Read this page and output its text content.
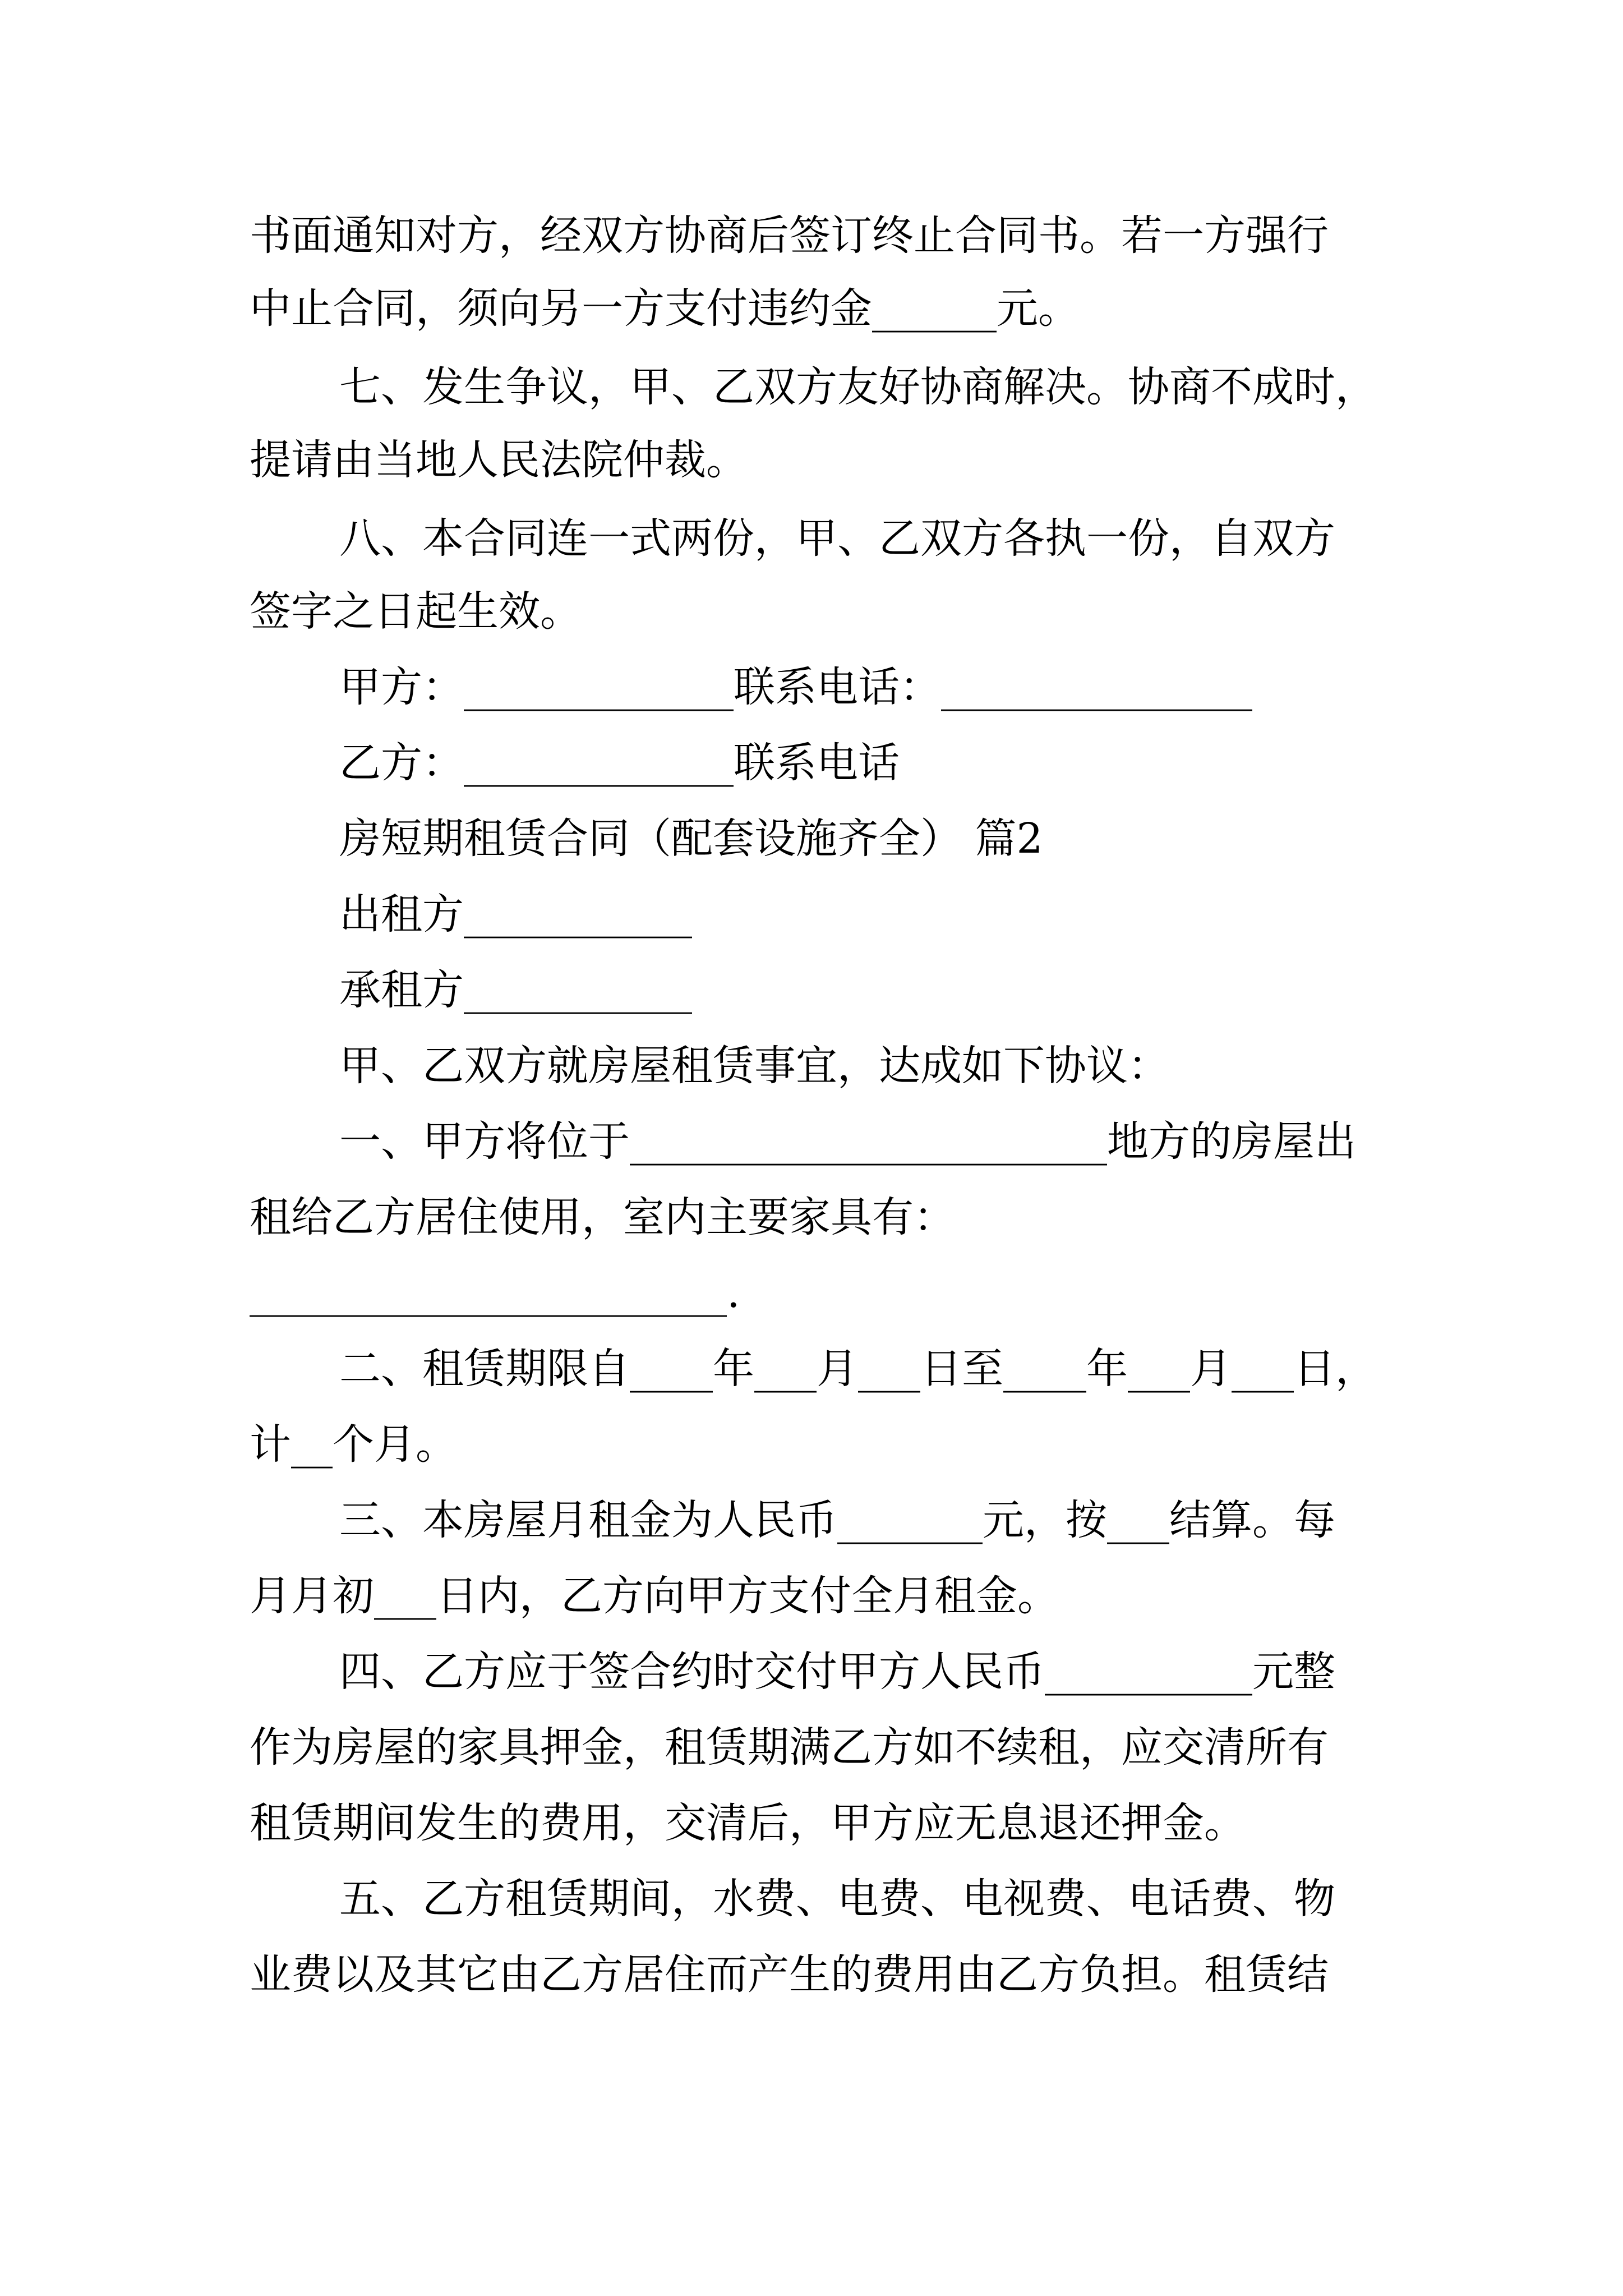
书面通知对方，经双方协商后签订终止合同书。若一方强行
中止合同，须向另一方支付违约金______元。
七、发生争议，甲、乙双方友好协商解决。协商不成时，
提请由当地人民法院仲裁。
八、本合同连一式两份，甲、乙双方各执一份，自双方
签字之日起生效。
甲方：_____________联系电话：_______________
乙方：_____________联系电话
房短期租赁合同（配套设施齐全） 篇2
出租方___________
承租方___________
甲、乙双方就房屋租赁事宜，达成如下协议：
一、甲方将位于_______________________地方的房屋出
租给乙方居住使用，室内主要家具有：
_______________________.
二、租赁期限自____年___月___日至____年___月___日，
计__个月。
三、本房屋月租金为人民币_______元，按___结算。每
月月初___日内，乙方向甲方支付全月租金。
四、乙方应于签合约时交付甲方人民币__________元整
作为房屋的家具押金，租赁期满乙方如不续租，应交清所有
租赁期间发生的费用，交清后，甲方应无息退还押金。
五、乙方租赁期间，水费、电费、电视费、电话费、物
业费以及其它由乙方居住而产生的费用由乙方负担。租赁结
